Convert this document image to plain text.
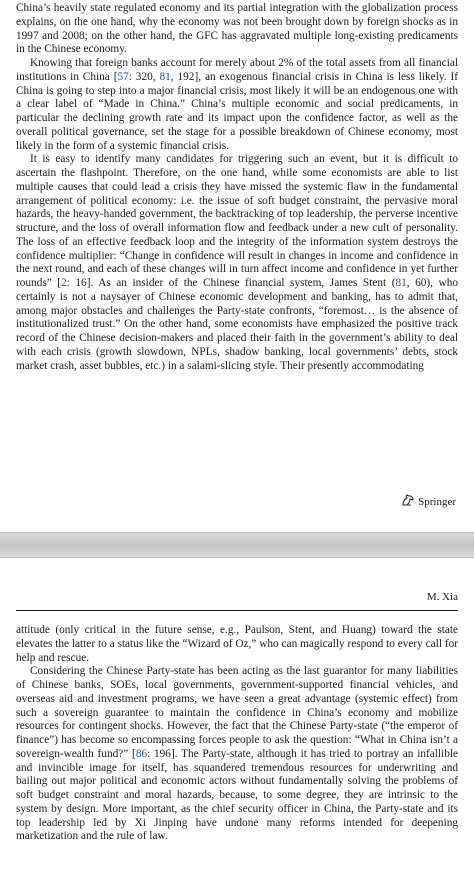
China’s heavily state regulated economy and its partial integration with the globalization process explains, on the one hand, why the economy was not been brought down by foreign shocks as in 1997 and 2008; on the other hand, the GFC has aggravated multiple long-existing predicaments in the Chinese economy.

Knowing that foreign banks account for merely about 2% of the total assets from all financial institutions in China [57: 320, 81, 192], an exogenous financial crisis in China is less likely. If China is going to step into a major financial crisis, most likely it will be an endogenous one with a clear label of “Made in China.” China’s multiple economic and social predicaments, in particular the declining growth rate and its impact upon the confidence factor, as well as the overall political governance, set the stage for a possible breakdown of Chinese economy, most likely in the form of a systemic financial crisis.

It is easy to identify many candidates for triggering such an event, but it is difficult to ascertain the flashpoint. Therefore, on the one hand, while some economists are able to list multiple causes that could lead a crisis they have missed the systemic flaw in the fundamental arrangement of political economy: i.e. the issue of soft budget constraint, the pervasive moral hazards, the heavy-handed government, the backtracking of top leadership, the perverse incentive structure, and the loss of overall information flow and feedback under a new cult of personality. The loss of an effective feedback loop and the integrity of the information system destroys the confidence multiplier: “Change in confidence will result in changes in income and confidence in the next round, and each of these changes will in turn affect income and confidence in yet further rounds” [2: 16]. As an insider of the Chinese financial system, James Stent (81, 60), who certainly is not a naysayer of Chinese economic development and banking, has to admit that, among major obstacles and challenges the Party-state confronts, “foremost… is the absence of institutionalized trust.” On the other hand, some economists have emphasized the positive track record of the Chinese decision-makers and placed their faith in the government’s ability to deal with each crisis (growth slowdown, NPLs, shadow banking, local governments’ debts, stock market crash, asset bubbles, etc.) in a salami-slicing style. Their presently accommodating

Springer
M. Xia

attitude (only critical in the future sense, e.g., Paulson, Stent, and Huang) toward the state elevates the latter to a status like the “Wizard of Oz,” who can magically respond to every call for help and rescue.

Considering the Chinese Party-state has been acting as the last guarantor for many liabilities of Chinese banks, SOEs, local governments, government-supported financial vehicles, and overseas aid and investment programs, we have seen a great advantage (systemic effect) from such a sovereign guarantee to maintain the confidence in China’s economy and mobilize resources for contingent shocks. However, the fact that the Chinese Party-state (“the emperor of finance”) has become so encompassing forces people to ask the question: “What in China isn’t a sovereign-wealth fund?” [86: 196]. The Party-state, although it has tried to portray an infallible and invincible image for itself, has squandered tremendous resources for underwriting and bailing out major political and economic actors without fundamentally solving the problems of soft budget constraint and moral hazards, because, to some degree, they are intrinsic to the system by design. More important, as the chief security officer in China, the Party-state and its top leadership led by Xi Jinping have undone many reforms intended for deepening marketization and the rule of law.
